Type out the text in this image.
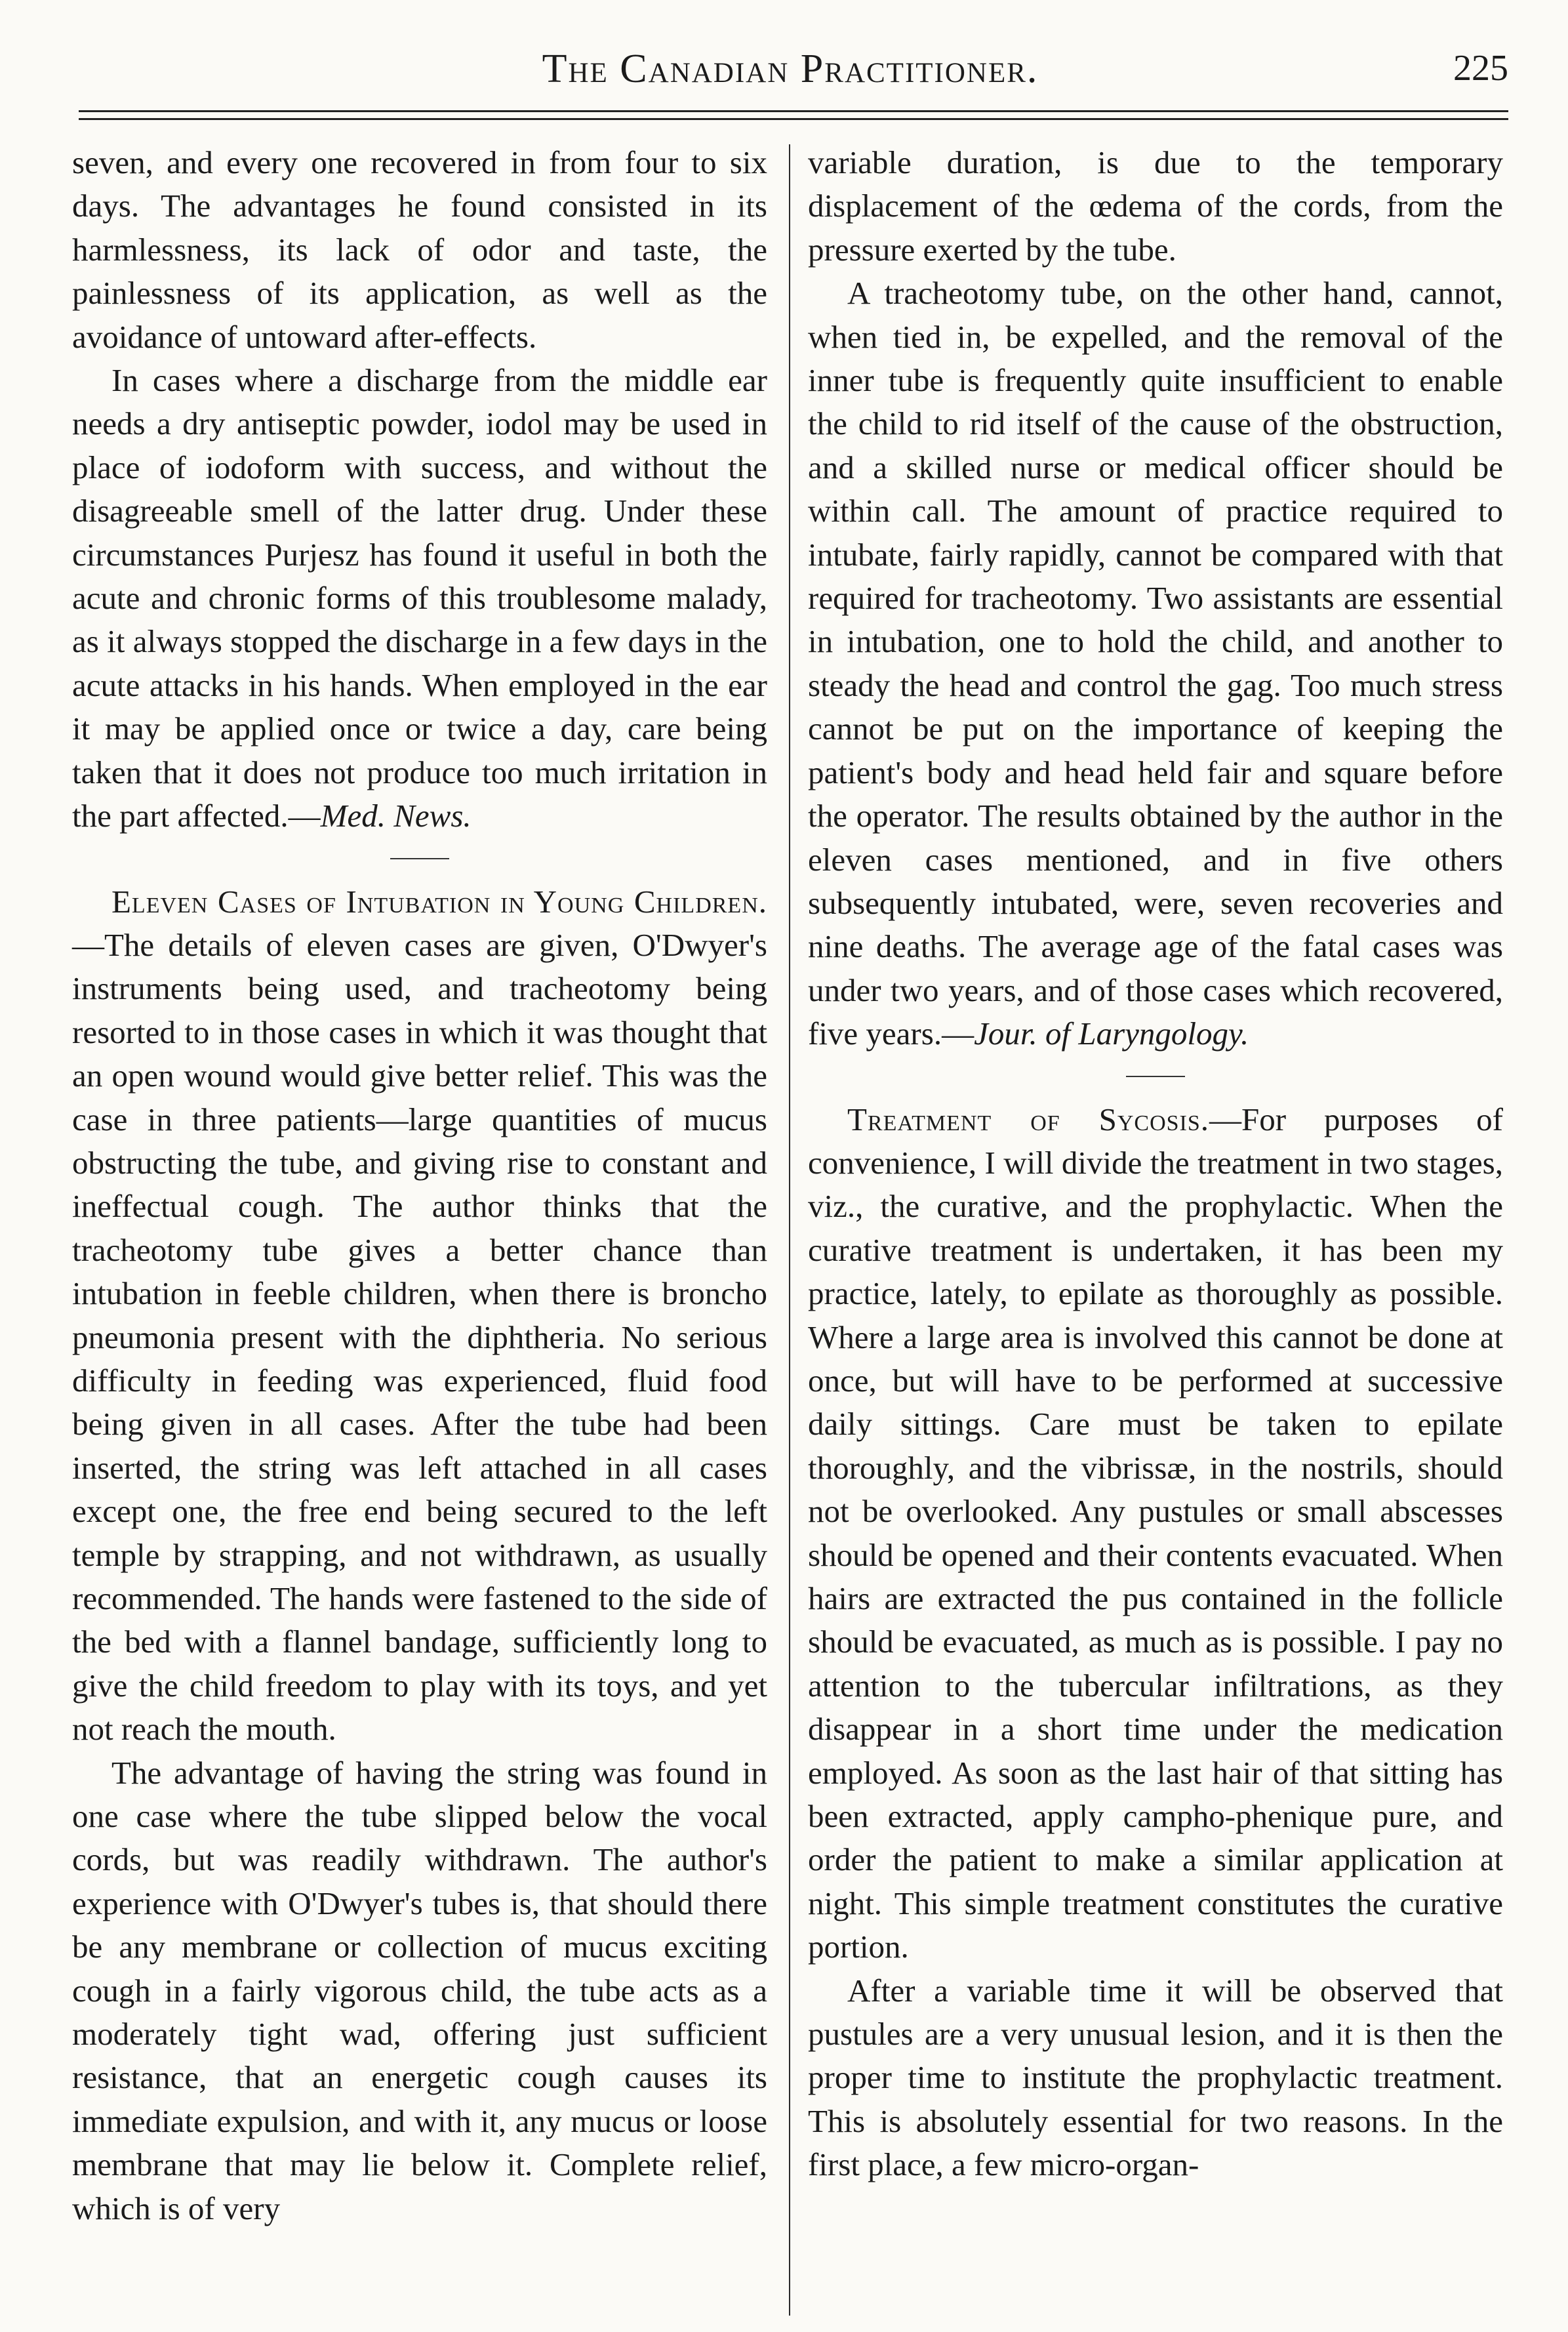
The Canadian Practitioner.	225

seven, and every one recovered in from four to six days. The advantages he found consisted in its harmlessness, its lack of odor and taste, the painlessness of its application, as well as the avoidance of untoward after-effects.

In cases where a discharge from the middle ear needs a dry antiseptic powder, iodol may be used in place of iodoform with success, and without the disagreeable smell of the latter drug. Under these circumstances Purjesz has found it useful in both the acute and chronic forms of this troublesome malady, as it always stopped the discharge in a few days in the acute attacks in his hands. When employed in the ear it may be applied once or twice a day, care being taken that it does not produce too much irritation in the part affected.—Med. News.

Eleven Cases of Intubation in Young Children.—The details of eleven cases are given, O'Dwyer's instruments being used, and tracheotomy being resorted to in those cases in which it was thought that an open wound would give better relief. This was the case in three patients—large quantities of mucus obstructing the tube, and giving rise to constant and ineffectual cough. The author thinks that the tracheotomy tube gives a better chance than intubation in feeble children, when there is broncho pneumonia present with the diphtheria. No serious difficulty in feeding was experienced, fluid food being given in all cases. After the tube had been inserted, the string was left attached in all cases except one, the free end being secured to the left temple by strapping, and not withdrawn, as usually recommended. The hands were fastened to the side of the bed with a flannel bandage, sufficiently long to give the child freedom to play with its toys, and yet not reach the mouth.

The advantage of having the string was found in one case where the tube slipped below the vocal cords, but was readily withdrawn. The author's experience with O'Dwyer's tubes is, that should there be any membrane or collection of mucus exciting cough in a fairly vigorous child, the tube acts as a moderately tight wad, offering just sufficient resistance, that an energetic cough causes its immediate expulsion, and with it, any mucus or loose membrane that may lie below it. Complete relief, which is of very

variable duration, is due to the temporary displacement of the œdema of the cords, from the pressure exerted by the tube.

A tracheotomy tube, on the other hand, cannot, when tied in, be expelled, and the removal of the inner tube is frequently quite insufficient to enable the child to rid itself of the cause of the obstruction, and a skilled nurse or medical officer should be within call. The amount of practice required to intubate, fairly rapidly, cannot be compared with that required for tracheotomy. Two assistants are essential in intubation, one to hold the child, and another to steady the head and control the gag. Too much stress cannot be put on the importance of keeping the patient's body and head held fair and square before the operator. The results obtained by the author in the eleven cases mentioned, and in five others subsequently intubated, were, seven recoveries and nine deaths. The average age of the fatal cases was under two years, and of those cases which recovered, five years.—Jour. of Laryngology.

Treatment of Sycosis.—For purposes of convenience, I will divide the treatment in two stages, viz., the curative, and the prophylactic. When the curative treatment is undertaken, it has been my practice, lately, to epilate as thoroughly as possible. Where a large area is involved this cannot be done at once, but will have to be performed at successive daily sittings. Care must be taken to epilate thoroughly, and the vibrissæ, in the nostrils, should not be overlooked. Any pustules or small abscesses should be opened and their contents evacuated. When hairs are extracted the pus contained in the follicle should be evacuated, as much as is possible. I pay no attention to the tubercular infiltrations, as they disappear in a short time under the medication employed. As soon as the last hair of that sitting has been extracted, apply campho-phenique pure, and order the patient to make a similar application at night. This simple treatment constitutes the curative portion.

After a variable time it will be observed that pustules are a very unusual lesion, and it is then the proper time to institute the prophylactic treatment. This is absolutely essential for two reasons. In the first place, a few micro-organ-
